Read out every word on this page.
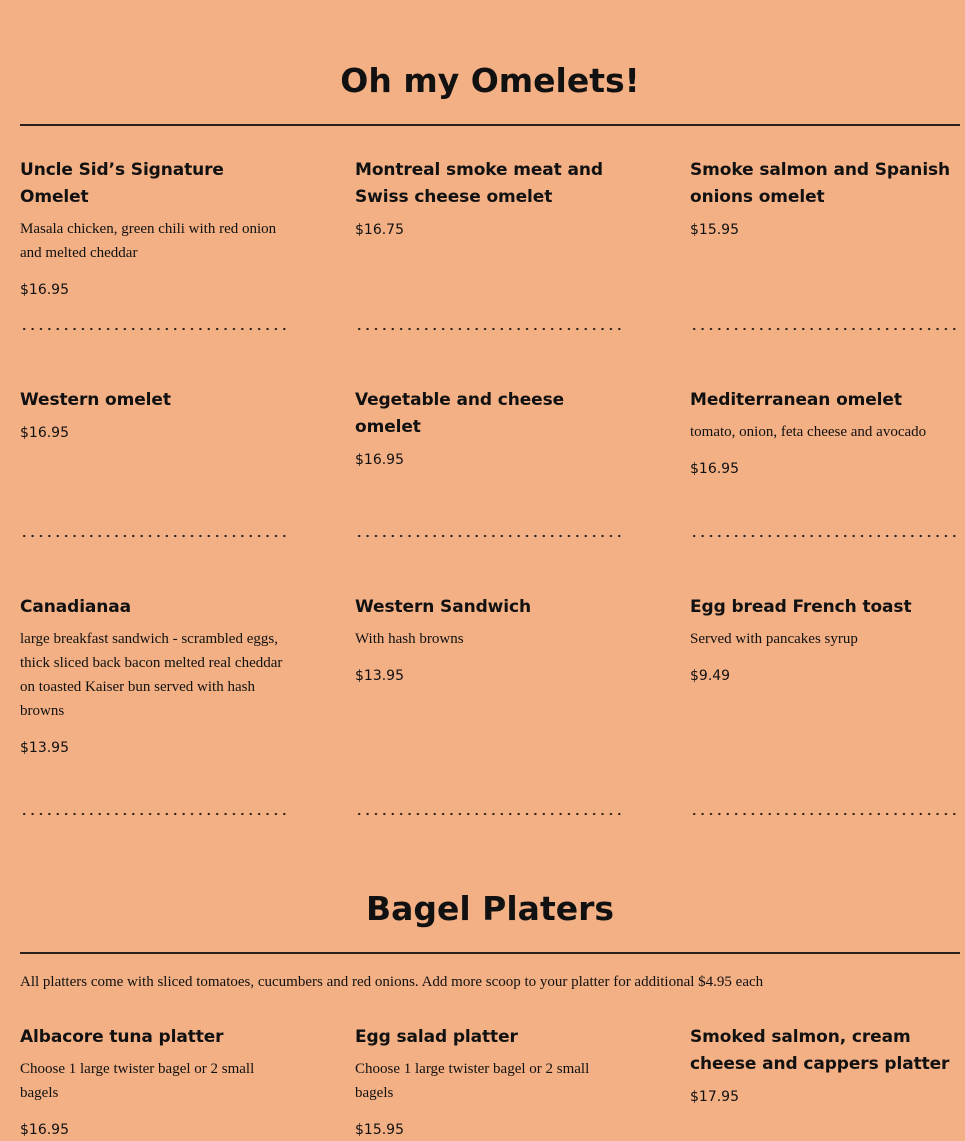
Oh my Omelets!
Uncle Sid’s Signature Omelet

Masala chicken, green chili with red onion and melted cheddar

$16.95

Montreal smoke meat and Swiss cheese omelet

$16.75

Smoke salmon and Spanish onions omelet

$15.95

Western omelet

$16.95

Vegetable and cheese omelet

$16.95

Mediterranean omelet

tomato, onion, feta cheese and avocado

$16.95

Canadianaa

large breakfast sandwich - scrambled eggs, thick sliced back bacon melted real cheddar on toasted Kaiser bun served with hash browns

$13.95

Western Sandwich

With hash browns

$13.95

Egg bread French toast

Served with pancakes syrup

$9.49

Bagel Platers

All platters come with sliced tomatoes, cucumbers and red onions. Add more scoop to your platter for additional $4.95 each

Albacore tuna platter

Choose 1 large twister bagel or 2 small bagels

$16.95

Egg salad platter

Choose 1 large twister bagel or 2 small bagels

$15.95

Smoked salmon, cream cheese and cappers platter

$17.95
